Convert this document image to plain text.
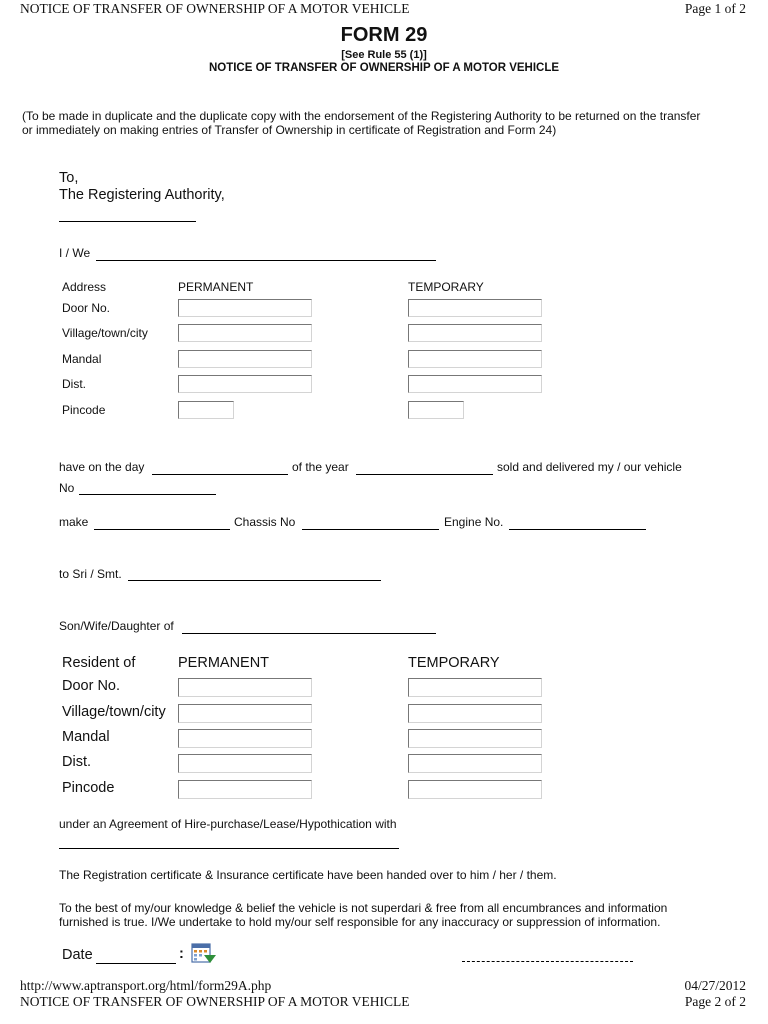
NOTICE OF TRANSFER OF OWNERSHIP OF A MOTOR VEHICLE	Page 1 of 2
FORM 29
[See Rule 55 (1)]
NOTICE OF TRANSFER OF OWNERSHIP OF A MOTOR VEHICLE
(To be made in duplicate and the duplicate copy with the endorsement of the Registering Authority to be returned on the transfer
or immediately on making entries of Transfer of Ownership in certificate of Registration and Form 24)
To,
The Registering Authority,
I / We
Address	PERMANENT	TEMPORARY
Door No.
Village/town/city
Mandal
Dist.
Pincode
have on the day	of the year	sold and delivered my / our vehicle
No
make	Chassis No	Engine No.
to Sri / Smt.
Son/Wife/Daughter of
Resident of	PERMANENT	TEMPORARY
Door No.
Village/town/city
Mandal
Dist.
Pincode
under an Agreement of Hire-purchase/Lease/Hypothication with
The Registration certificate & Insurance certificate have been handed over to him / her / them.
To the best of my/our knowledge & belief the vehicle is not superdari & free from all encumbrances and information
furnished is true. I/We undertake to hold my/our self responsible for any inaccuracy or suppression of information.
Date	:
http://www.aptransport.org/html/form29A.php	04/27/2012
NOTICE OF TRANSFER OF OWNERSHIP OF A MOTOR VEHICLE	Page 2 of 2
